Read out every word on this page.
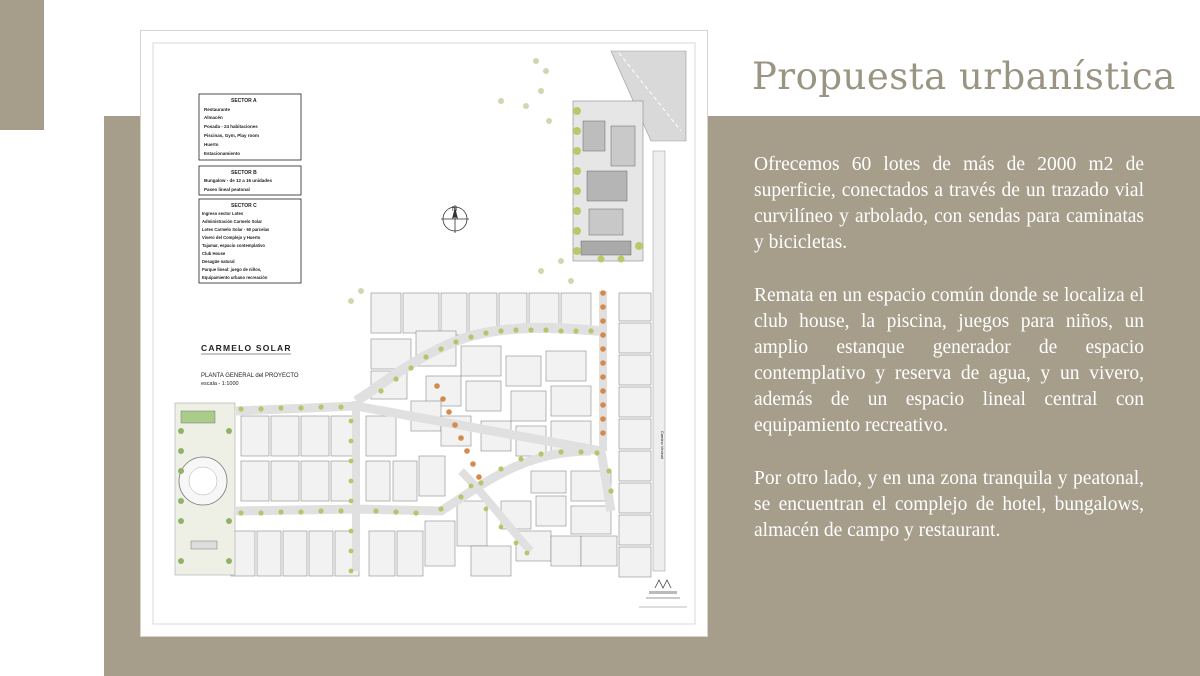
Propuesta urbanística

Ofrecemos 60 lotes de más de 2000 m2 de superficie, conectados a través de un trazado vial curvilíneo y arbolado, con sendas para caminatas y bicicletas.

Remata en un espacio común donde se localiza el club house, la piscina, juegos para niños, un amplio estanque generador de espacio contemplativo y reserva de agua, y un vivero, además de un espacio lineal central con equipamiento recreativo.

Por otro lado, y en una zona tranquila y peatonal, se encuentran el complejo de hotel, bungalows, almacén de campo y restaurant.

Camino Vecinal
N
SECTOR A
Restaurante
Almacén
Posada - 24 habitaciones
Piscinas, Gym, Play room
Huerto
Estacionamiento
SECTOR B
Bungalow - de 12 a 16 unidades
Paseo lineal peatonal
SECTOR C
Ingreso sector Lotes
Administración Carmelo Solar
Lotes Carmelo Solar - 60 parcelas
Vivero del Complejo y Huerto
Tajamar, espacio contemplativo
Club House
Desagüe natural
Parque lineal: juego de niños,
Equipamiento urbano recreación
CARMELO SOLAR
PLANTA GENERAL del PROYECTO
escala - 1:1000
